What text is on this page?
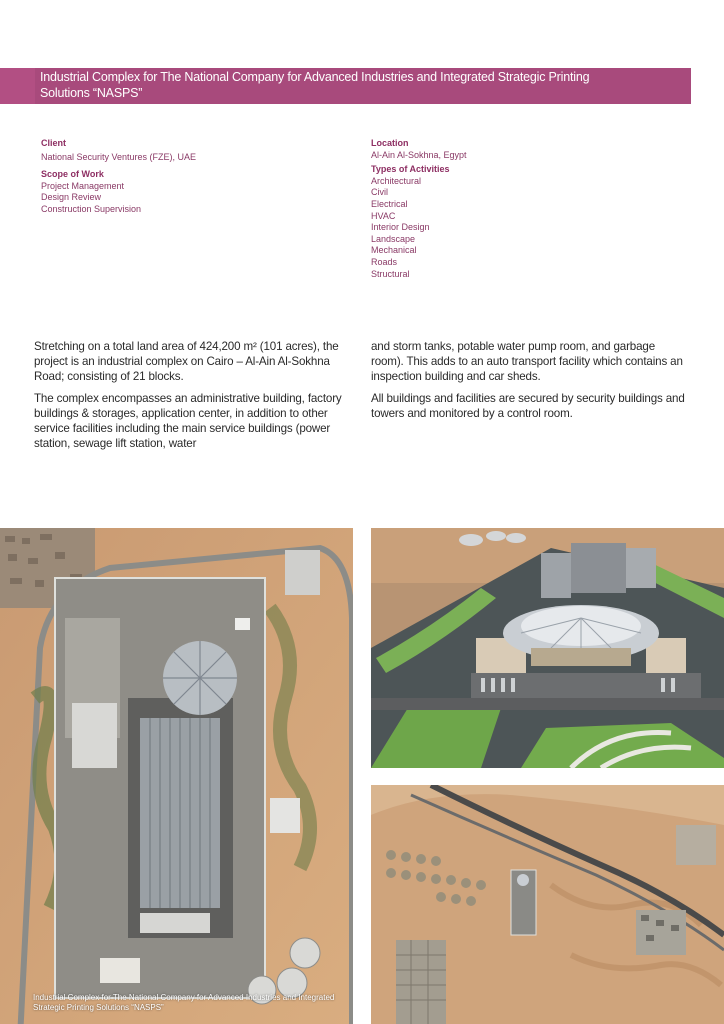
Industrial Complex for The National Company for Advanced Industries and Integrated Strategic Printing
Solutions “NASPS”
Client
National Security Ventures (FZE), UAE
Scope of Work
Project Management
Design Review
Construction Supervision
Location
Al-Ain Al-Sokhna, Egypt
Types of Activities
Architectural
Civil
Electrical
HVAC
Interior Design
Landscape
Mechanical
Roads
Structural

Stretching on a total land area of 424,200 m² (101 acres), the project is an industrial complex on Cairo – Al-Ain Al-Sokhna Road; consisting of 21 blocks.

The complex encompasses an administrative building, factory buildings & storages, application center, in addition to other service facilities including the main service buildings (power station, sewage lift station, water

and storm tanks, potable water pump room, and garbage room). This adds to an auto transport facility which contains an inspection building and car sheds.

All buildings and facilities are secured by security buildings and towers and monitored by a control room.

Industrial Complex for The National Company for Advanced Industries and Integrated
Strategic Printing Solutions “NASPS”
